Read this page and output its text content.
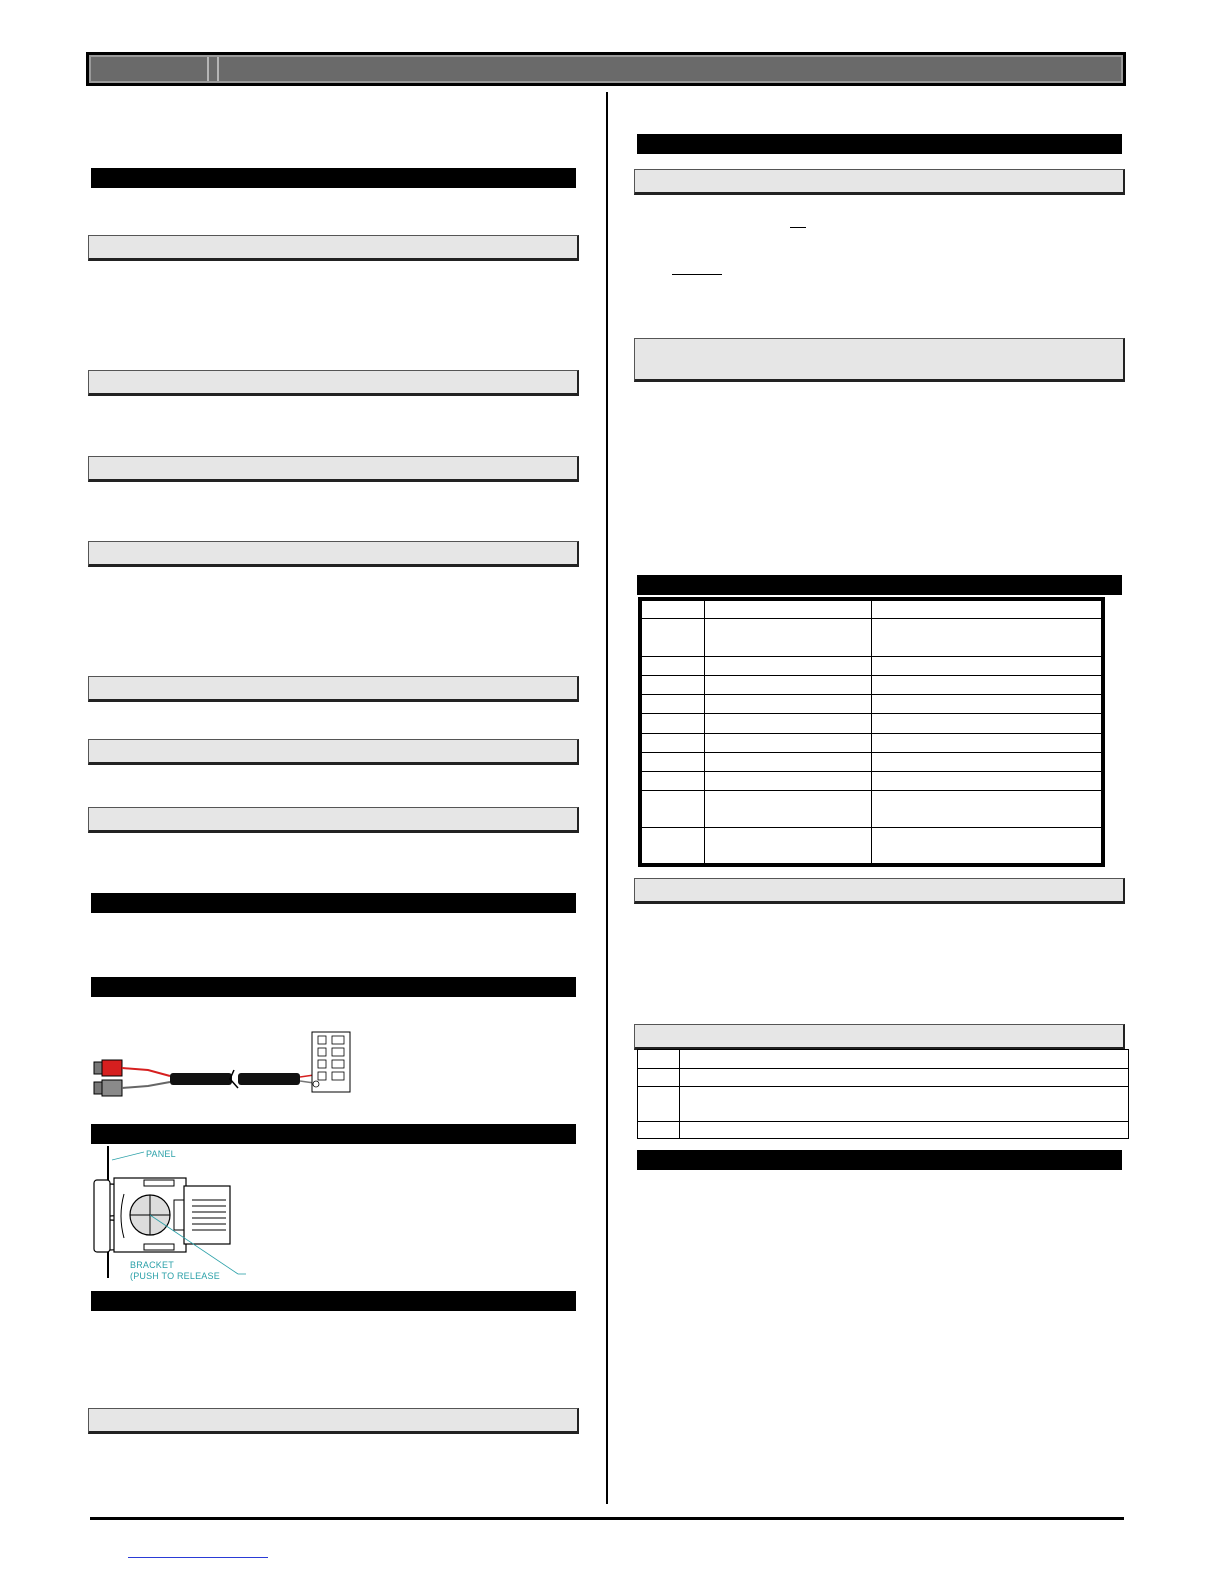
PANEL
BRACKET
(PUSH TO RELEASE
